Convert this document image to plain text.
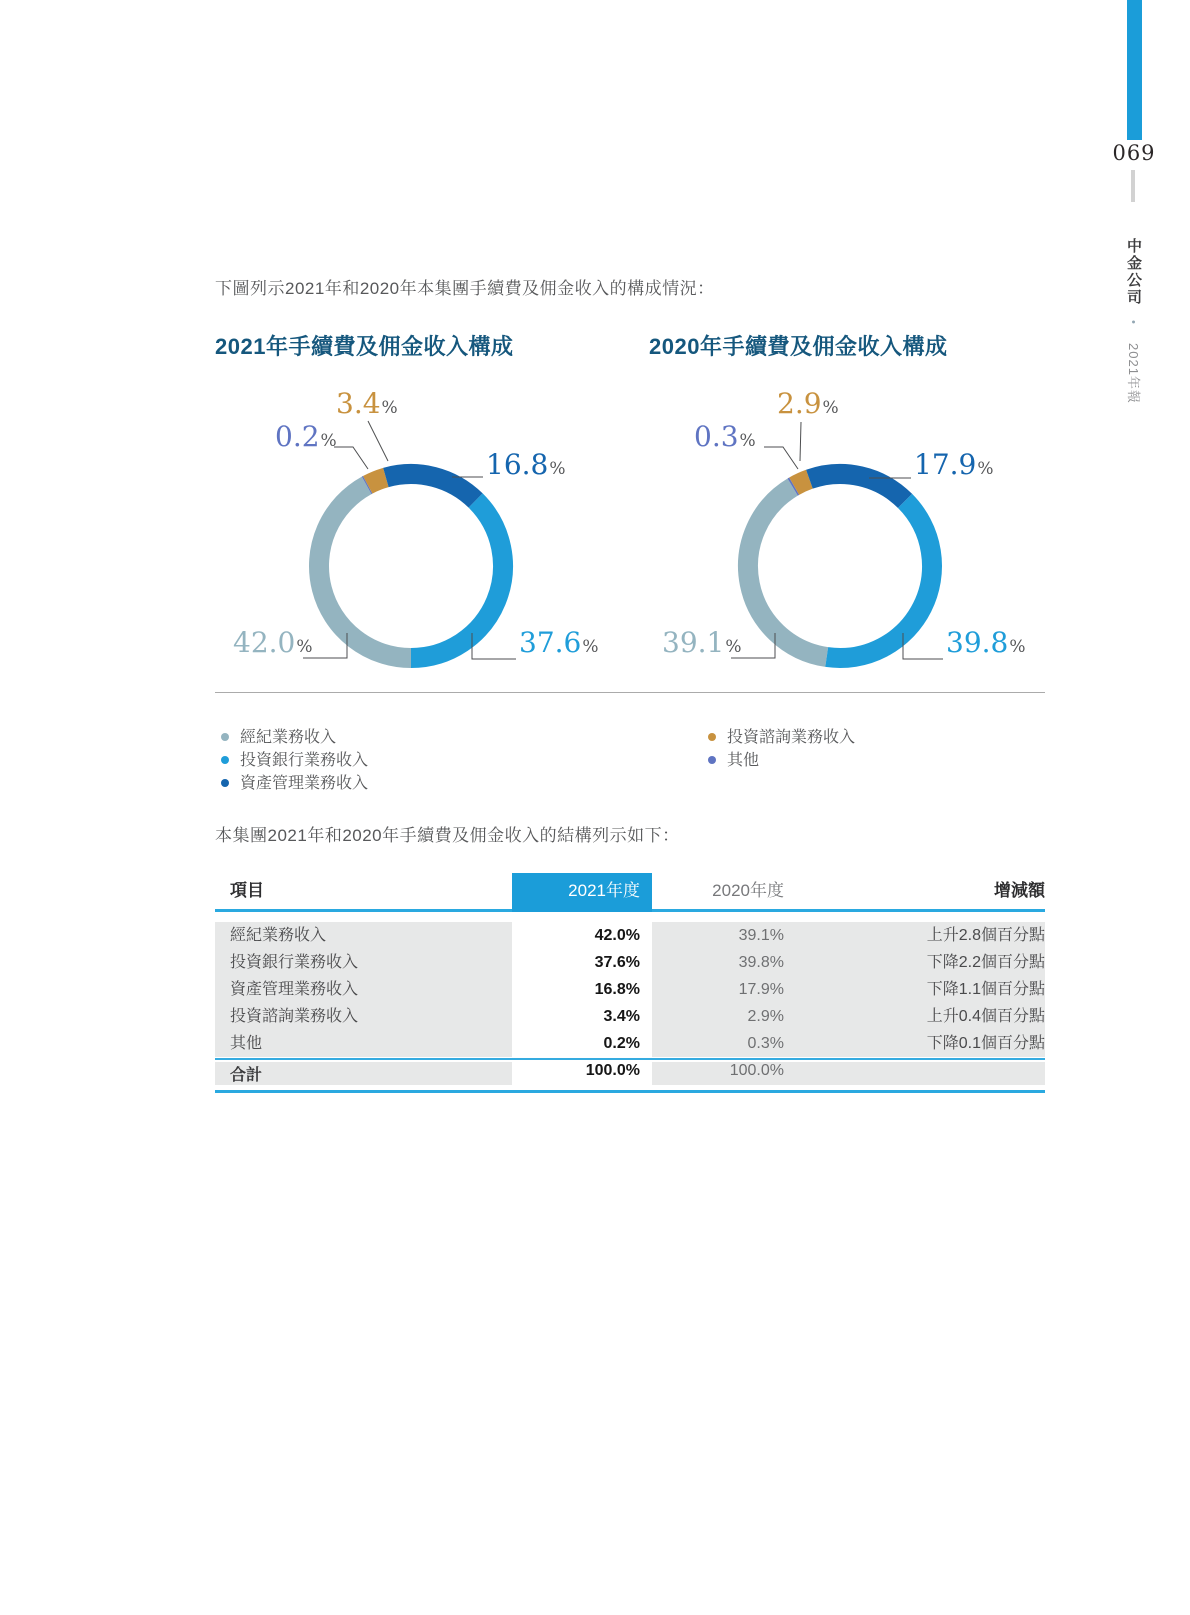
069
中金公司 • 2021年報
下圖列示2021年和2020年本集團手續費及佣金收入的構成情況：
本集團2021年和2020年手續費及佣金收入的結構列示如下：
2021年手續費及佣金收入構成	2020年手續費及佣金收入構成
經紀業務收入
投資銀行業務收入
資產管理業務收入
投資諮詢業務收入
其他
項目	2021年度	2020年度	增減額
經紀業務收入	42.0%	39.1%	上升2.8個百分點
投資銀行業務收入	37.6%	39.8%	下降2.2個百分點
資產管理業務收入	16.8%	17.9%	下降1.1個百分點
投資諮詢業務收入	3.4%	2.9%	上升0.4個百分點
其他	0.2%	0.3%	下降0.1個百分點
合計	100.0%	100.0%
3.4%
0.2%
16.8%
42.0%	37.6%
2.9%
0.3%
17.9%
39.1%	39.8%
